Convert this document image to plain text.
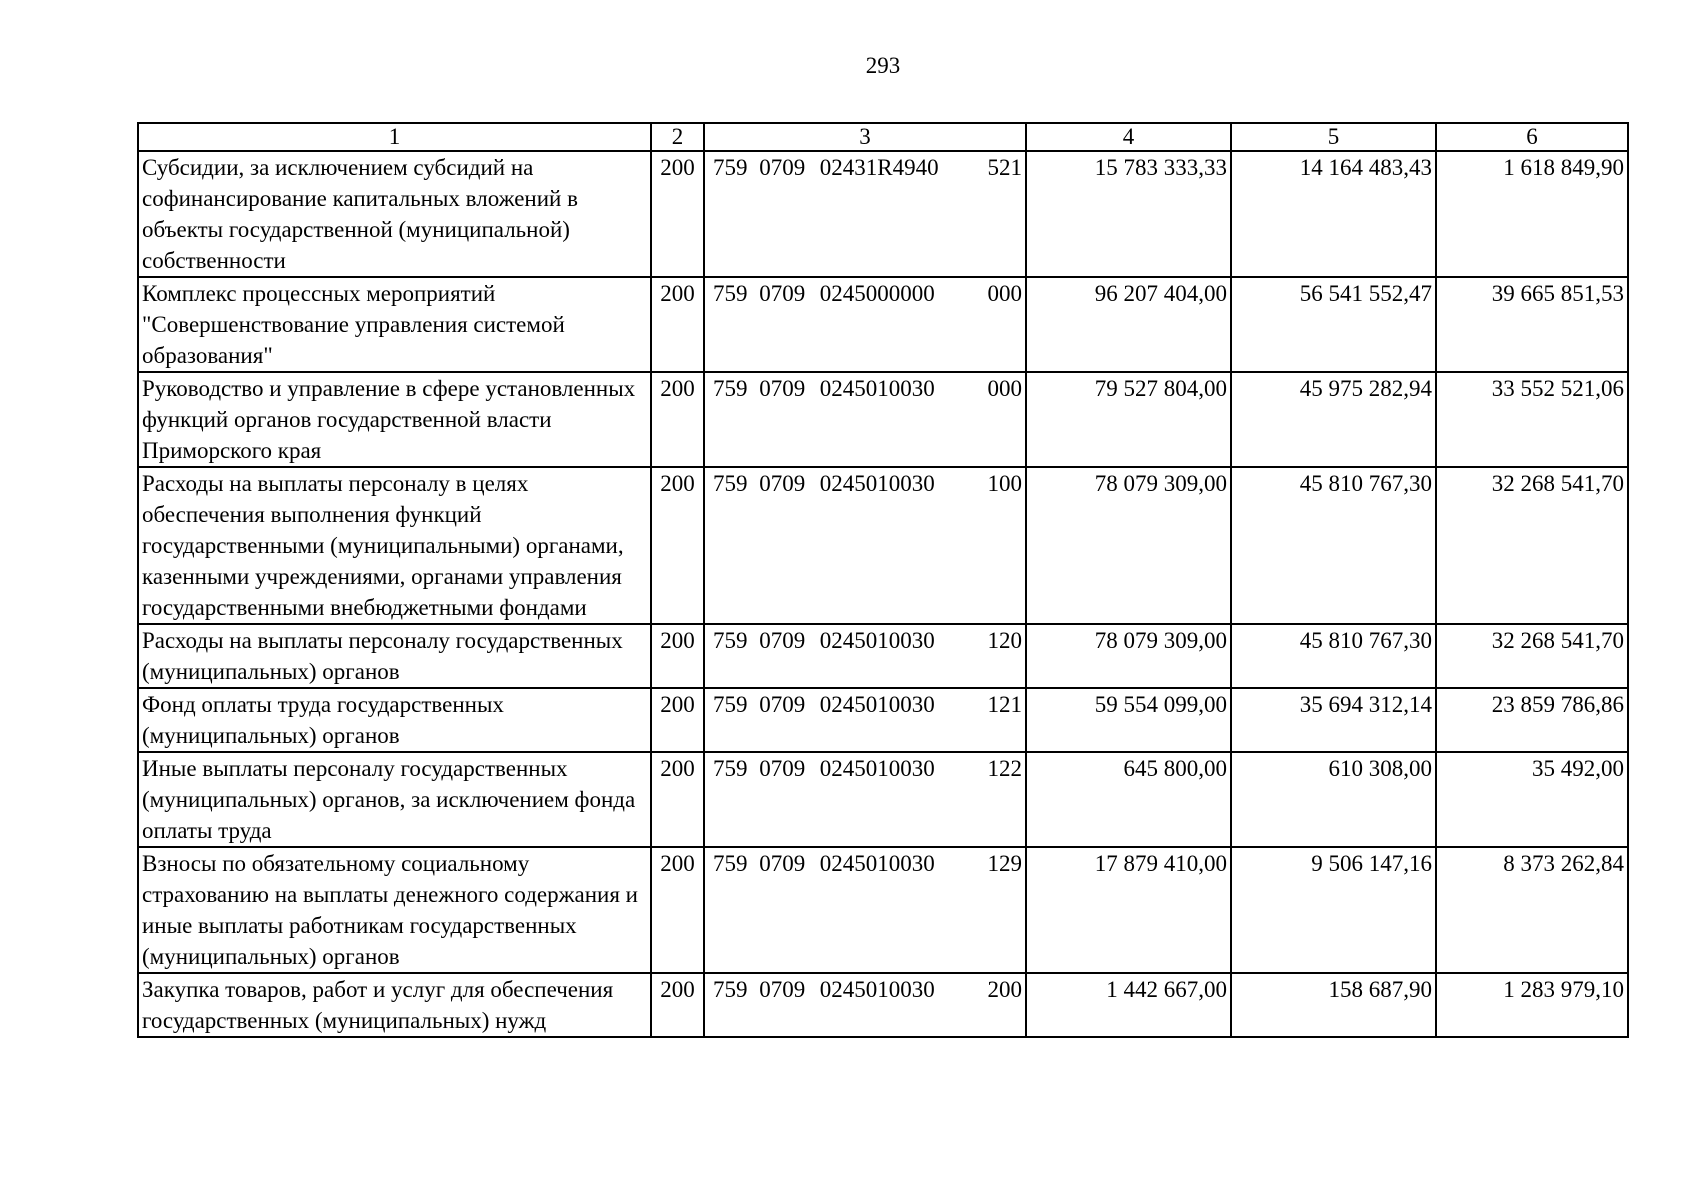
293
1	2	3	4	5	6
Субсидии, за исключением субсидий на софинансирование капитальных вложений в объекты государственной (муниципальной) собственности	200	759 0709 02431R4940 521	15 783 333,33	14 164 483,43	1 618 849,90
Комплекс процессных мероприятий "Совершенствование управления системой образования"	200	759 0709 0245000000 000	96 207 404,00	56 541 552,47	39 665 851,53
Руководство и управление в сфере установленных функций органов государственной власти Приморского края	200	759 0709 0245010030 000	79 527 804,00	45 975 282,94	33 552 521,06
Расходы на выплаты персоналу в целях обеспечения выполнения функций государственными (муниципальными) органами, казенными учреждениями, органами управления государственными внебюджетными фондами	200	759 0709 0245010030 100	78 079 309,00	45 810 767,30	32 268 541,70
Расходы на выплаты персоналу государственных (муниципальных) органов	200	759 0709 0245010030 120	78 079 309,00	45 810 767,30	32 268 541,70
Фонд оплаты труда государственных (муниципальных) органов	200	759 0709 0245010030 121	59 554 099,00	35 694 312,14	23 859 786,86
Иные выплаты персоналу государственных (муниципальных) органов, за исключением фонда оплаты труда	200	759 0709 0245010030 122	645 800,00	610 308,00	35 492,00
Взносы по обязательному социальному страхованию на выплаты денежного содержания и иные выплаты работникам государственных (муниципальных) органов	200	759 0709 0245010030 129	17 879 410,00	9 506 147,16	8 373 262,84
Закупка товаров, работ и услуг для обеспечения государственных (муниципальных) нужд	200	759 0709 0245010030 200	1 442 667,00	158 687,90	1 283 979,10
